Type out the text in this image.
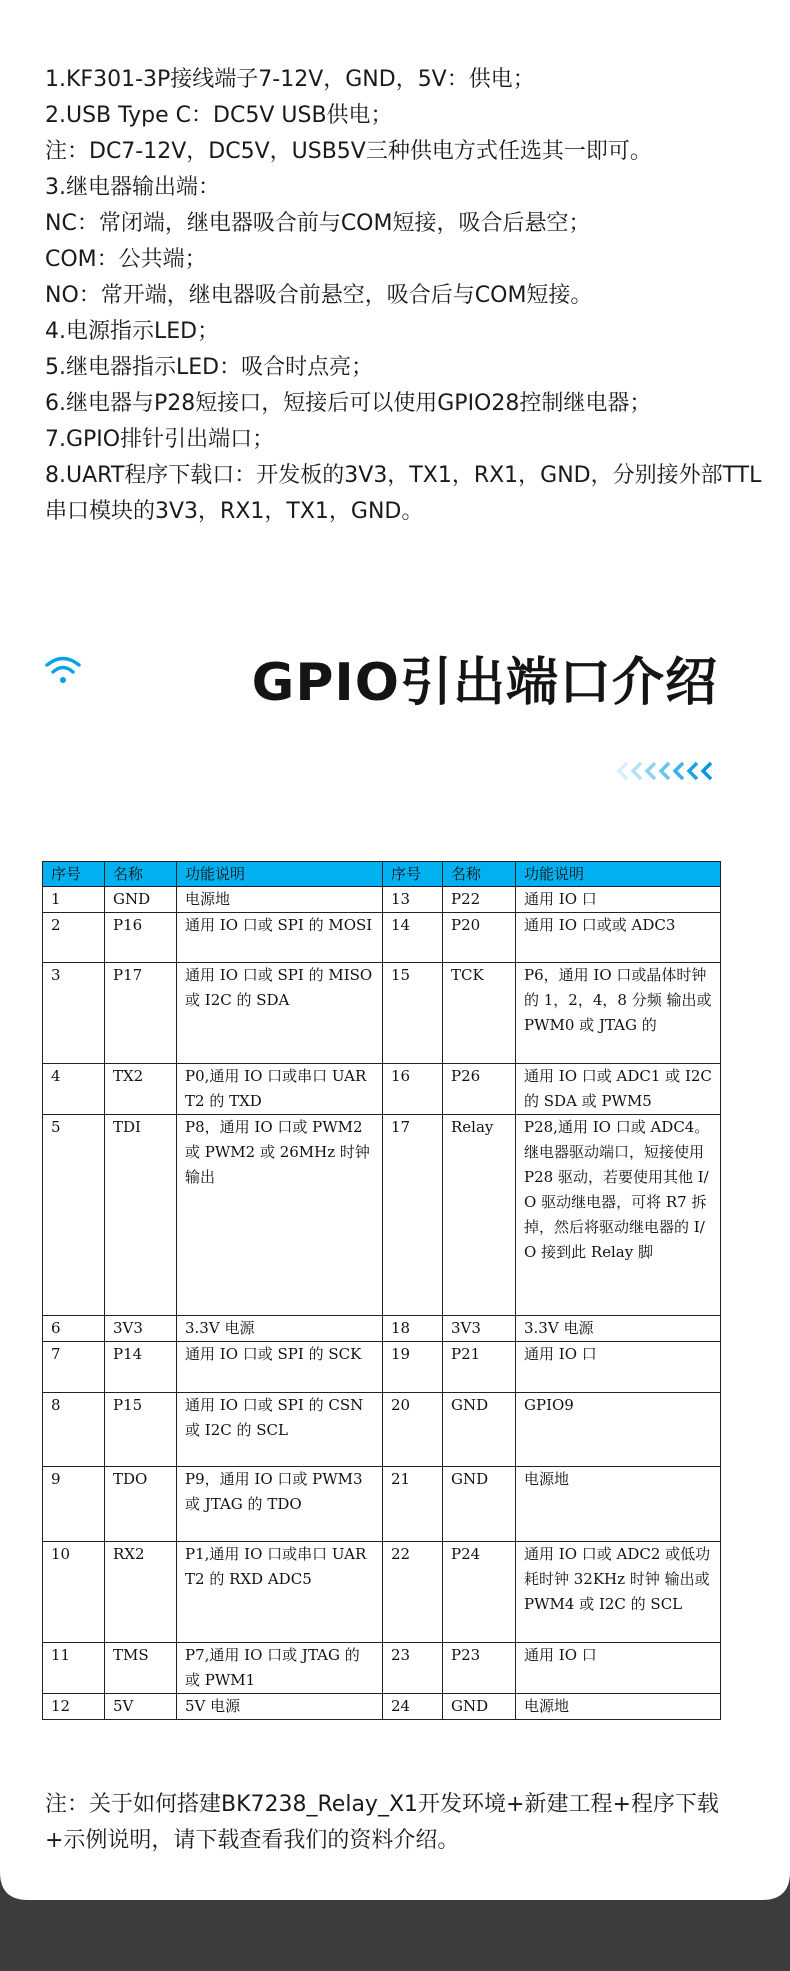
1.KF301-3P接线端子7-12V，GND，5V：供电；
2.USB Type C：DC5V USB供电；
注：DC7-12V，DC5V，USB5V三种供电方式任选其一即可。
3.继电器输出端：
NC：常闭端，继电器吸合前与COM短接，吸合后悬空；
COM：公共端；
NO：常开端，继电器吸合前悬空，吸合后与COM短接。
4.电源指示LED；
5.继电器指示LED：吸合时点亮；
6.继电器与P28短接口，短接后可以使用GPIO28控制继电器；
7.GPIO排针引出端口；
8.UART程序下载口：开发板的3V3，TX1，RX1，GND，分别接外部TTL串口模块的3V3，RX1，TX1，GND。
GPIO引出端口介绍
序号	名称	功能说明	序号	名称	功能说明
1	GND	电源地	13	P22	通用 IO 口
2	P16	通用 IO 口或 SPI 的 MOSI	14	P20	通用 IO 口或或 ADC3
3	P17	通用 IO 口或 SPI 的 MISO 或 I2C 的 SDA	15	TCK	P6，通用 IO 口或晶体时钟的 1，2，4，8 分频 输出或 PWM0 或 JTAG 的
4	TX2	P0,通用 IO 口或串口 UART2 的 TXD	16	P26	通用 IO 口或 ADC1 或 I2C 的 SDA 或 PWM5
5	TDI	P8，通用 IO 口或 PWM2 或 PWM2 或 26MHz 时钟 输出	17	Relay	P28,通用 IO 口或 ADC4。继电器驱动端口，短接使用 P28 驱动，若要使用其他 I/O 驱动继电器，可将 R7 拆掉，然后将驱动继电器的 I/O 接到此 Relay 脚
6	3V3	3.3V 电源	18	3V3	3.3V 电源
7	P14	通用 IO 口或 SPI 的 SCK	19	P21	通用 IO 口
8	P15	通用 IO 口或 SPI 的 CSN 或 I2C 的 SCL	20	GND	GPIO9
9	TDO	P9，通用 IO 口或 PWM3 或 JTAG 的 TDO	21	GND	电源地
10	RX2	P1,通用 IO 口或串口 UART2 的 RXD ADC5	22	P24	通用 IO 口或 ADC2 或低功耗时钟 32KHz 时钟 输出或 PWM4 或 I2C 的 SCL
11	TMS	P7,通用 IO 口或 JTAG 的 或 PWM1	23	P23	通用 IO 口
12	5V	5V 电源	24	GND	电源地
注：关于如何搭建BK7238_Relay_X1开发环境+新建工程+程序下载+示例说明，请下载查看我们的资料介绍。
